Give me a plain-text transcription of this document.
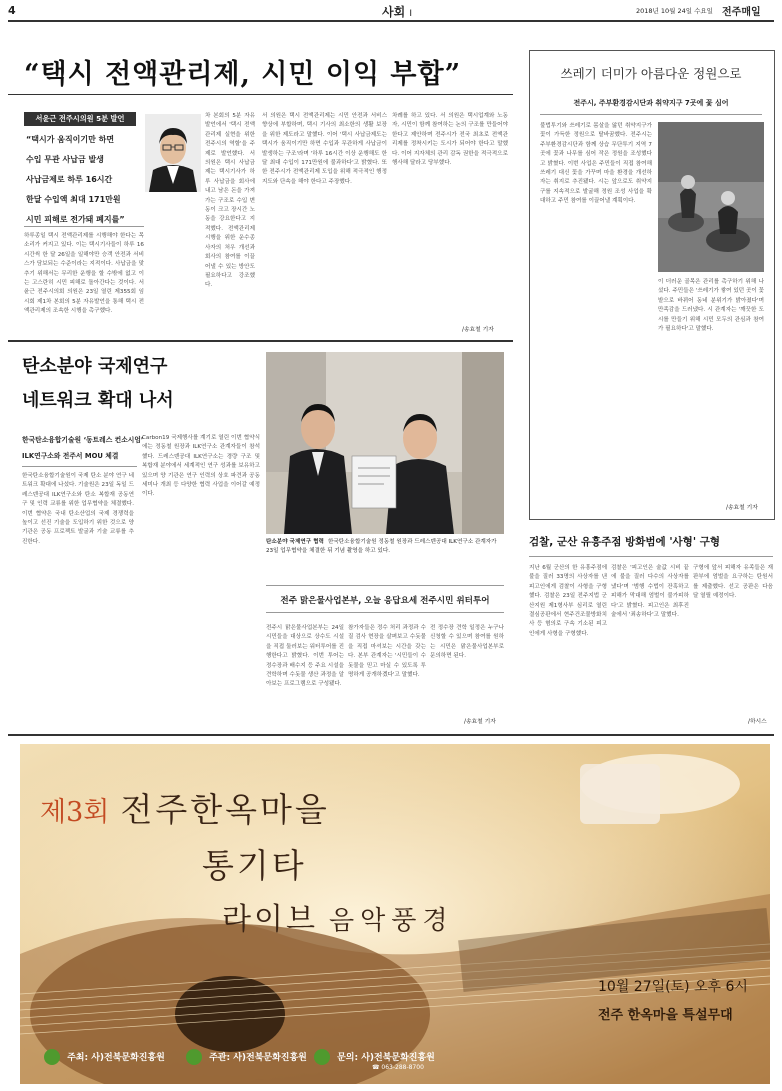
4	사회 I	2018년 10월 24일 수요일 전주매일
“택시 전액관리제, 시민 이익 부합”
서윤근 전주시의원 5분 발언
“택시가 움직이기만 하면
수입 무관 사납금 발생
사납금제로 하루 16시간
한달 수입액 최대 171만원
시민 피해로 전가돼 폐지를”
하루종일 택시 전액관리제를 시행해야 한다는 목소리가 커지고 있다. 이는 택시기사들이 하루 16시간씩 한 달 26일을 일해야만 승객 안전과 서비스가 담보되는 수준이라는 지적이다. 사납금을 맞추기 위해서는 무리한 운행을 할 수밖에 없고 이는 고스란히 시민 피해로 돌아간다는 것이다. 서윤근 전주시의회 의원은 23일 열린 제355회 임시회 제1차 본회의 5분 자유발언을 통해 택시 전액관리제의 조속한 시행을 촉구했다.
차 본회의 5분 자유발언에서 '택시 전액관리제 실현을 위한 전주시의 역할'을 주제로 발언했다. 서 의원은 택시 사납금제는 택시기사가 하루 사납금을 회사에 내고 남은 돈을 가져가는 구조로 수입 변동이 크고 장시간 노동을 강요한다고 지적했다. 전액관리제 시행을 위한 운수종사자의 처우 개선과 회사의 참여를 이끌어낼 수 있는 방안도 필요하다고 강조했다.
서 의원은 택시 전액관리제는 시민 안전과 서비스 향상에 부합하며, 택시 기사의 최소한의 생활 보장을 위한 제도라고 말했다. 이어 '택시 사납금제도는 택시가 움직이기만 하면 수입과 무관하게 사납금이 발생하는 구조'라며 '하루 16시간 이상 운행해도 한 달 최대 수입이 171만원에 불과하다'고 밝혔다. 또한 전주시가 전액관리제 도입을 위해 적극적인 행정 지도와 단속을 해야 한다고 주장했다.
차례를 하고 있다. 서 의원은 택시업계와 노동자, 시민이 함께 참여하는 논의 구조를 만들어야 한다고 제안하며 전주시가 전국 최초로 전액관리제를 정착시키는 도시가 되어야 한다고 말했다. 이어 지자체의 관리 감독 권한을 적극적으로 행사해 달라고 당부했다.
/송효철 기자
탄소분야 국제연구
네트워크 확대 나서
한국탄소융합기술원 ‘동트레스 컨소시엄’
ILK연구소와 전주서 MOU 체결
한국탄소융합기술원이 국제 탄소 분야 연구 네트워크 확대에 나섰다. 기술원은 23일 독일 드레스덴공대 ILK연구소와 탄소 복합재 공동연구 및 인력 교류를 위한 업무협약을 체결했다. 이번 협약은 국내 탄소산업의 국제 경쟁력을 높이고 선진 기술을 도입하기 위한 것으로 양 기관은 공동 프로젝트 발굴과 기술 교류를 추진한다.
Carbon19 국제행사를 계기로 열린 이번 협약식에는 정동철 원장과 ILK연구소 관계자들이 참석했다. 드레스덴공대 ILK연구소는 경량 구조 및 복합재 분야에서 세계적인 연구 성과를 보유하고 있으며 양 기관은 연구 인력의 상호 파견과 공동 세미나 개최 등 다양한 협력 사업을 이어갈 예정이다.
탄소분야 국제연구 협력 한국탄소융합기술원 정동철 원장과 드레스덴공대 ILK연구소 관계자가 23일 업무협약을 체결한 뒤 기념 촬영을 하고 있다.
전주 맑은물사업본부, 오늘 응답요세 전주시민 위터투어
전주시 맑은물사업본부는 24일 시민들을 대상으로 상수도 시설을 직접 둘러보는 워터투어를 진행한다고 밝혔다. 이번 투어는 정수장과 배수지 등 주요 시설을 견학하며 수돗물 생산 과정을 알아보는 프로그램으로 구성됐다.
참가자들은 정수 처리 과정과 수질 검사 현장을 살펴보고 수돗물을 직접 마셔보는 시간을 갖는다. 본부 관계자는 '시민들이 수돗물을 믿고 마실 수 있도록 투명하게 공개하겠다'고 말했다.
전 정수장 견학 일정은 누구나 신청할 수 있으며 참여를 원하는 시민은 맑은물사업본부로 문의하면 된다.
/송효철 기자
쓰레기 더미가 아름다운 정원으로
전주시, 주부환경감시단과 취약지구 7곳에 꽃 심어
불법투기와 쓰레기로 몸살을 앓던 취약지구가 꽃이 가득한 정원으로 탈바꿈했다. 전주시는 주부환경감시단과 함께 상습 무단투기 지역 7곳에 꽃과 나무를 심어 작은 정원을 조성했다고 밝혔다. 이번 사업은 주민들이 직접 참여해 쓰레기 대신 꽃을 가꾸며 마을 환경을 개선하자는 취지로 추진됐다. 시는 앞으로도 취약지구를 지속적으로 발굴해 정원 조성 사업을 확대하고 주민 참여를 이끌어낼 계획이다.
이 더러운 골목은 관리를 촉구하기 위해 나섰다. 주민들은 '쓰레기가 쌓여 있던 곳이 꽃밭으로 바뀌어 동네 분위기가 밝아졌다'며 만족감을 드러냈다. 시 관계자는 '깨끗한 도시를 만들기 위해 시민 모두의 관심과 참여가 필요하다'고 말했다.
/송효철 기자
검찰, 군산 유흥주점 방화범에 '사형' 구형
지난 6월 군산의 한 유흥주점에 불을 질러 33명의 사상자를 낸 피고인에게 검찰이 사형을 구형했다. 검찰은 23일 전주지법 군산지원 제1형사부 심리로 열린 결심공판에서 현주건조물방화치사 등 혐의로 구속 기소된 피고인에게 사형을 구형했다.
검찰은 '피고인은 술값 시비 끝에 불을 질러 다수의 사상자를 냈다'며 '범행 수법이 잔혹하고 피해가 막대해 엄벌이 불가피하다'고 밝혔다. 피고인은 최후진술에서 '죄송하다'고 말했다.
구형에 앞서 피해자 유족들은 재판부에 엄벌을 요구하는 탄원서를 제출했다. 선고 공판은 다음 달 열릴 예정이다.
/하시스
제3회 전주한옥마을
통기타
라이브 음악풍경
10월 27일(토) 오후 6시
전주 한옥마을 특설무대
주최: 사)전북문화진흥원	주관: 사)전북문화진흥원	문의: 사)전북문화진흥원
☎ 063-288-8700
